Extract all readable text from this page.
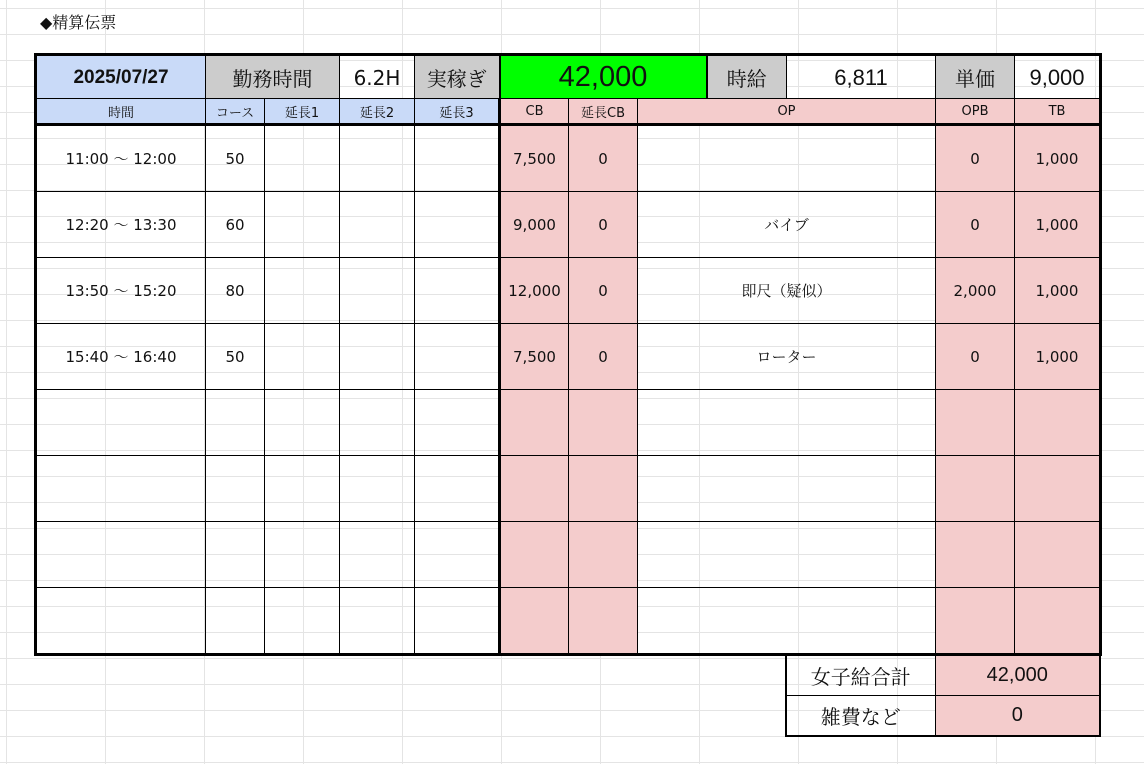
◆精算伝票
2025/07/27	勤務時間	6.2H	実稼ぎ	42,000	時給	6,811	単価	9,000
時間	コース	延長1	延長2	延長3	CB	延長CB	OP	OPB	TB
11:00 〜 12:00	50				7,500	0		0	1,000
12:20 〜 13:30	60				9,000	0	バイブ	0	1,000
13:50 〜 15:20	80				12,000	0	即尺（疑似）	2,000	1,000
15:40 〜 16:40	50				7,500	0	ローター	0	1,000

女子給合計	42,000
雑費など	0
